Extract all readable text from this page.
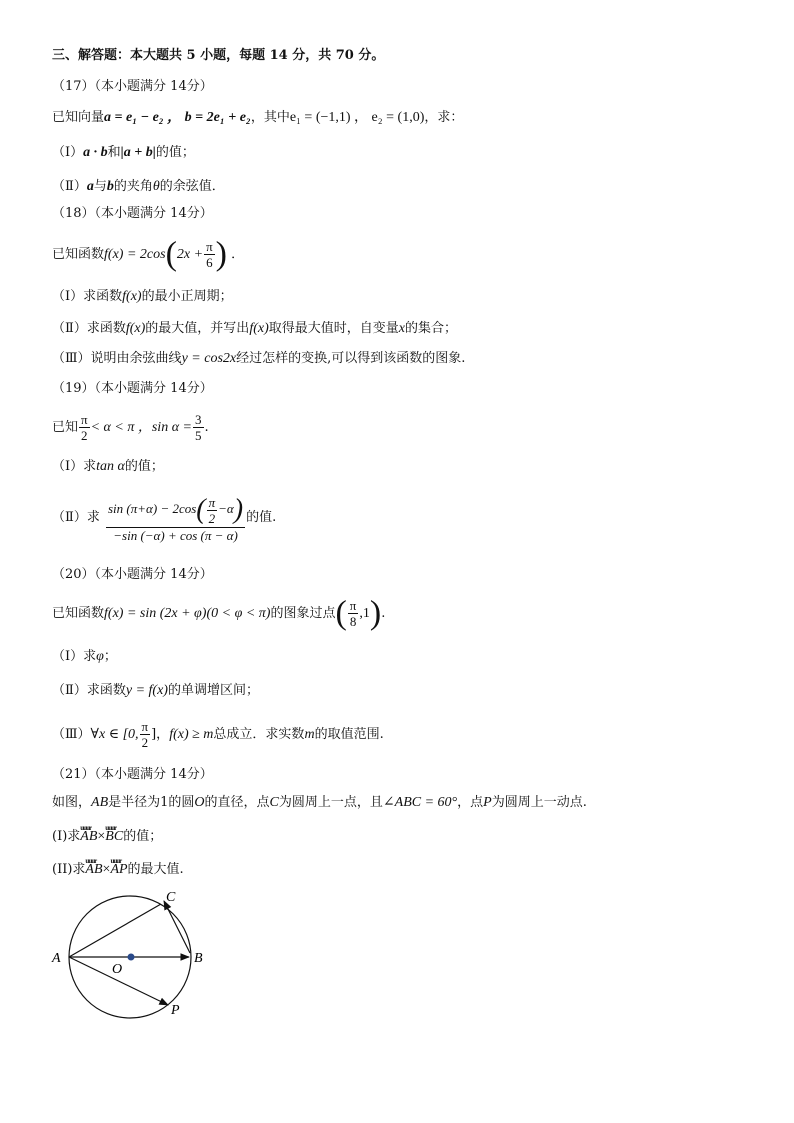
三、解答题：本大题共 5 小题，每题 14 分，共 70 分。
（17）（本小题满分 14分）
已知向量a = e₁ − e₂ ， b = 2e₁ + e₂，其中e₁ = (−1,1) ， e₂ = (1,0)，求：
（Ⅰ）a · b和|a + b|的值；
（Ⅱ）a与b的夹角θ的余弦值．
（18）（本小题满分 14分）
已知函数$f(x) = 2\cos(2x + \frac{\pi}{6}$ ) ．
（Ⅰ）求函数f(x)的最小正周期；
（Ⅱ）求函数f(x)的最大值，并写出f(x)取得最大值时，自变量x的集合；
（Ⅲ）说明由余弦曲线y = cos2x经过怎样的变换,可以得到该函数的图象.
（19）（本小题满分 14分）
已知 $\frac{\pi}{2} < \alpha < \pi$ ，$\sin \alpha = \frac{3}{5}$ .
（Ⅰ）求tan α的值；
（Ⅱ）求 $\frac{\sin (\pi+\alpha) - 2\cos( \frac{\pi}{2} -\alpha)}{-\sin (-\alpha) + \cos (\pi - \alpha)}$ 的值.
（20）（本小题满分 14分）
已知函数f(x) = sin (2x + φ)(0 < φ < π)的图象过点( $\frac{\pi}{8} ,1$).
（Ⅰ）求φ；
（Ⅱ）求函数y = f(x)的单调增区间；
（Ⅲ）∀x ∈ [0, $\frac{\pi}{2}$ ]，f(x) ≥ m总成立．求实数m的取值范围.
（21）（本小题满分 14分）
如图，AB是半径为1的圆O的直径，点C为圆周上一点，且∠ABC = 60°，点P为圆周上一动点.
(I)求uuur AB×uuur BC的值；
(II)求uuur AB×uuur AP的最大值.
A	B
C
O
P
